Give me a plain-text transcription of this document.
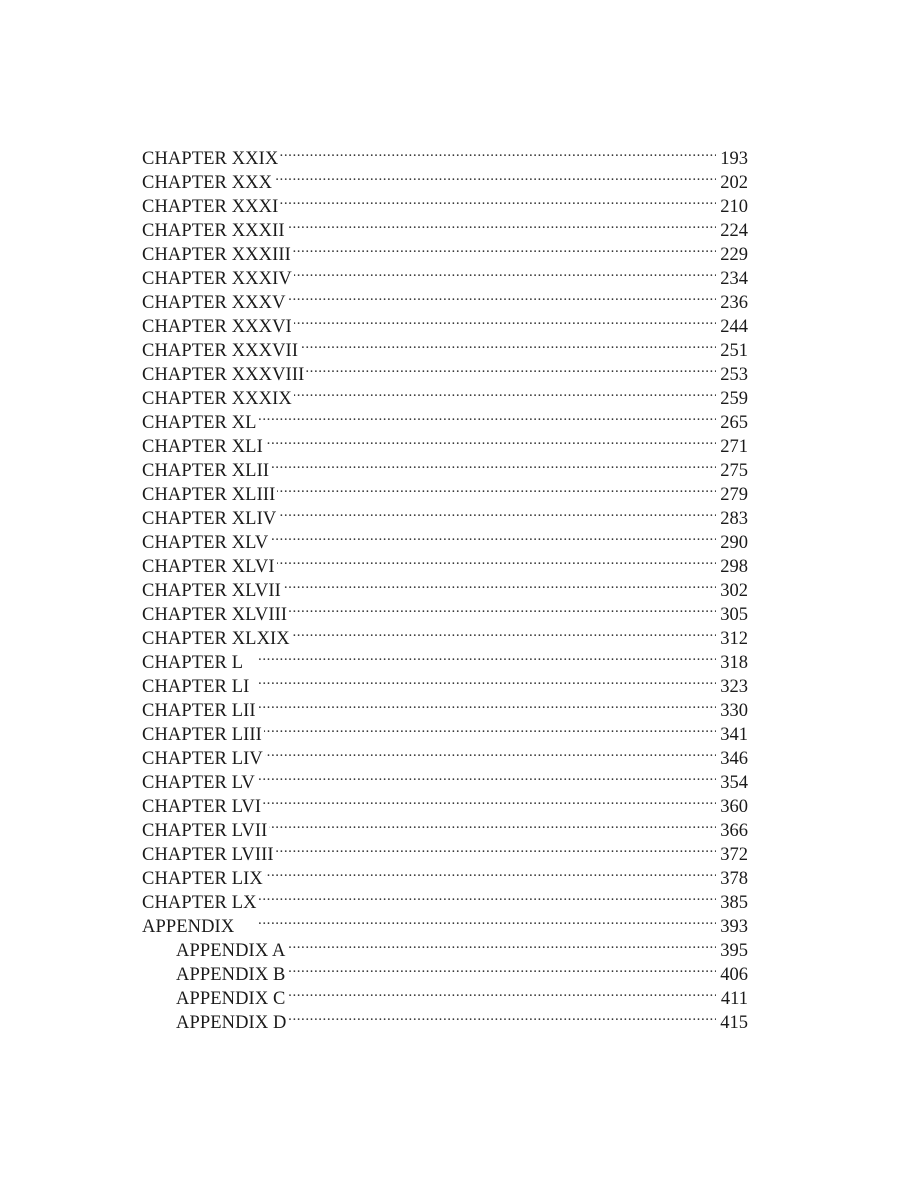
CHAPTER XXIX . . .	193
CHAPTER XXX . . .	202
CHAPTER XXXI . . .	210
CHAPTER XXXII . . .	224
CHAPTER XXXIII . . .	229
CHAPTER XXXIV . . .	234
CHAPTER XXXV . . .	236
CHAPTER XXXVI . . .	244
CHAPTER XXXVII . . .	251
CHAPTER XXXVIII . . .	253
CHAPTER XXXIX . . .	259
CHAPTER XL . . .	265
CHAPTER XLI . . .	271
CHAPTER XLII . . .	275
CHAPTER XLIII . . .	279
CHAPTER XLIV . . .	283
CHAPTER XLV . . .	290
CHAPTER XLVI . . .	298
CHAPTER XLVII . . .	302
CHAPTER XLVIII . . .	305
CHAPTER XLXIX . . .	312
CHAPTER L . . .	318
CHAPTER LI . . .	323
CHAPTER LII . . .	330
CHAPTER LIII . . .	341
CHAPTER LIV . . .	346
CHAPTER LV . . .	354
CHAPTER LVI . . .	360
CHAPTER LVII . . .	366
CHAPTER LVIII . . .	372
CHAPTER LIX . . .	378
CHAPTER LX . . .	385
APPENDIX . . .	393
APPENDIX A . . .	395
APPENDIX B . . .	406
APPENDIX C . . .	411
APPENDIX D . . .	415
